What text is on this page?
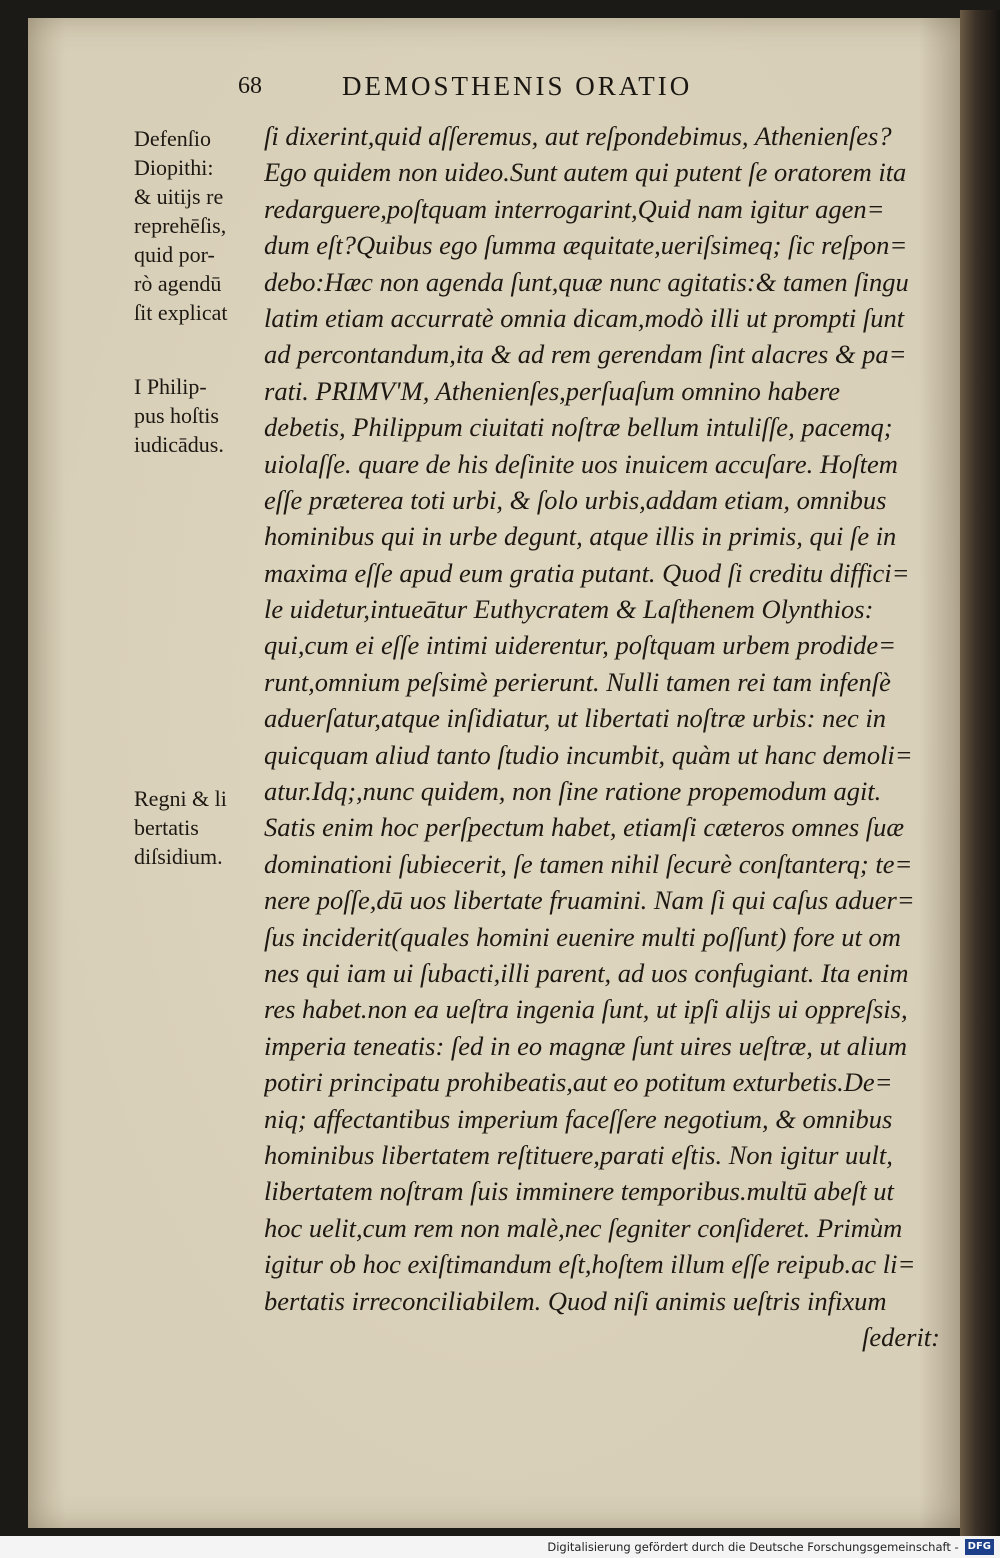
68	DEMOSTHENIS ORATIO
ſi dixerint,quid aſſeremus, aut reſpondebimus, Athenienſes?
Ego quidem non uideo.Sunt autem qui putent ſe oratorem ita
redarguere,poſtquam interrogarint,Quid nam igitur agen=
dum eſt?Quibus ego ſumma æquitate,ueriſsimeq; ſic reſpon=
debo:Hæc non agenda ſunt,quæ nunc agitatis:& tamen ſingu
latim etiam accurratè omnia dicam,modò illi ut prompti ſunt
ad percontandum,ita & ad rem gerendam ſint alacres & pa=
rati. PRIMV'M, Athenienſes,perſuaſum omnino habere
debetis, Philippum ciuitati noſtræ bellum intuliſſe, pacemq;
uiolaſſe. quare de his deſinite uos inuicem accuſare. Hoſtem
eſſe præterea toti urbi, & ſolo urbis,addam etiam, omnibus
hominibus qui in urbe degunt, atque illis in primis, qui ſe in
maxima eſſe apud eum gratia putant. Quod ſi creditu diffici=
le uidetur,intueātur Euthycratem & Laſthenem Olynthios:
qui,cum ei eſſe intimi uiderentur, poſtquam urbem prodide=
runt,omnium peſsimè perierunt. Nulli tamen rei tam infenſè
aduerſatur,atque inſidiatur, ut libertati noſtræ urbis: nec in
quicquam aliud tanto ſtudio incumbit, quàm ut hanc demoli=
atur.Idq;,nunc quidem, non ſine ratione propemodum agit.
Satis enim hoc perſpectum habet, etiamſi cæteros omnes ſuæ
dominationi ſubiecerit, ſe tamen nihil ſecurè conſtanterq; te=
nere poſſe,dū uos libertate fruamini. Nam ſi qui caſus aduer=
ſus inciderit(quales homini euenire multi poſſunt) fore ut om
nes qui iam ui ſubacti,illi parent, ad uos confugiant. Ita enim
res habet.non ea ueſtra ingenia ſunt, ut ipſi alijs ui oppreſsis,
imperia teneatis: ſed in eo magnæ ſunt uires ueſtræ, ut alium
potiri principatu prohibeatis,aut eo potitum exturbetis.De=
niq; affectantibus imperium faceſſere negotium, & omnibus
hominibus libertatem reſtituere,parati eſtis. Non igitur uult,
libertatem noſtram ſuis imminere temporibus.multū abeſt ut
hoc uelit,cum rem non malè,nec ſegniter conſideret. Primùm
igitur ob hoc exiſtimandum eſt,hoſtem illum eſſe reipub.ac li=
bertatis irreconciliabilem. Quod niſi animis ueſtris infixum
ſederit:
Defenſio
Diopithi:
& uitijs re
reprehēſis,
quid por-
rò agendū
ſit explicat
I Philip-
pus hoſtis
iudicādus.
Regni & li
bertatis
diſsidium.
Digitalisierung gefördert durch die Deutsche Forschungsgemeinschaft - DFG
